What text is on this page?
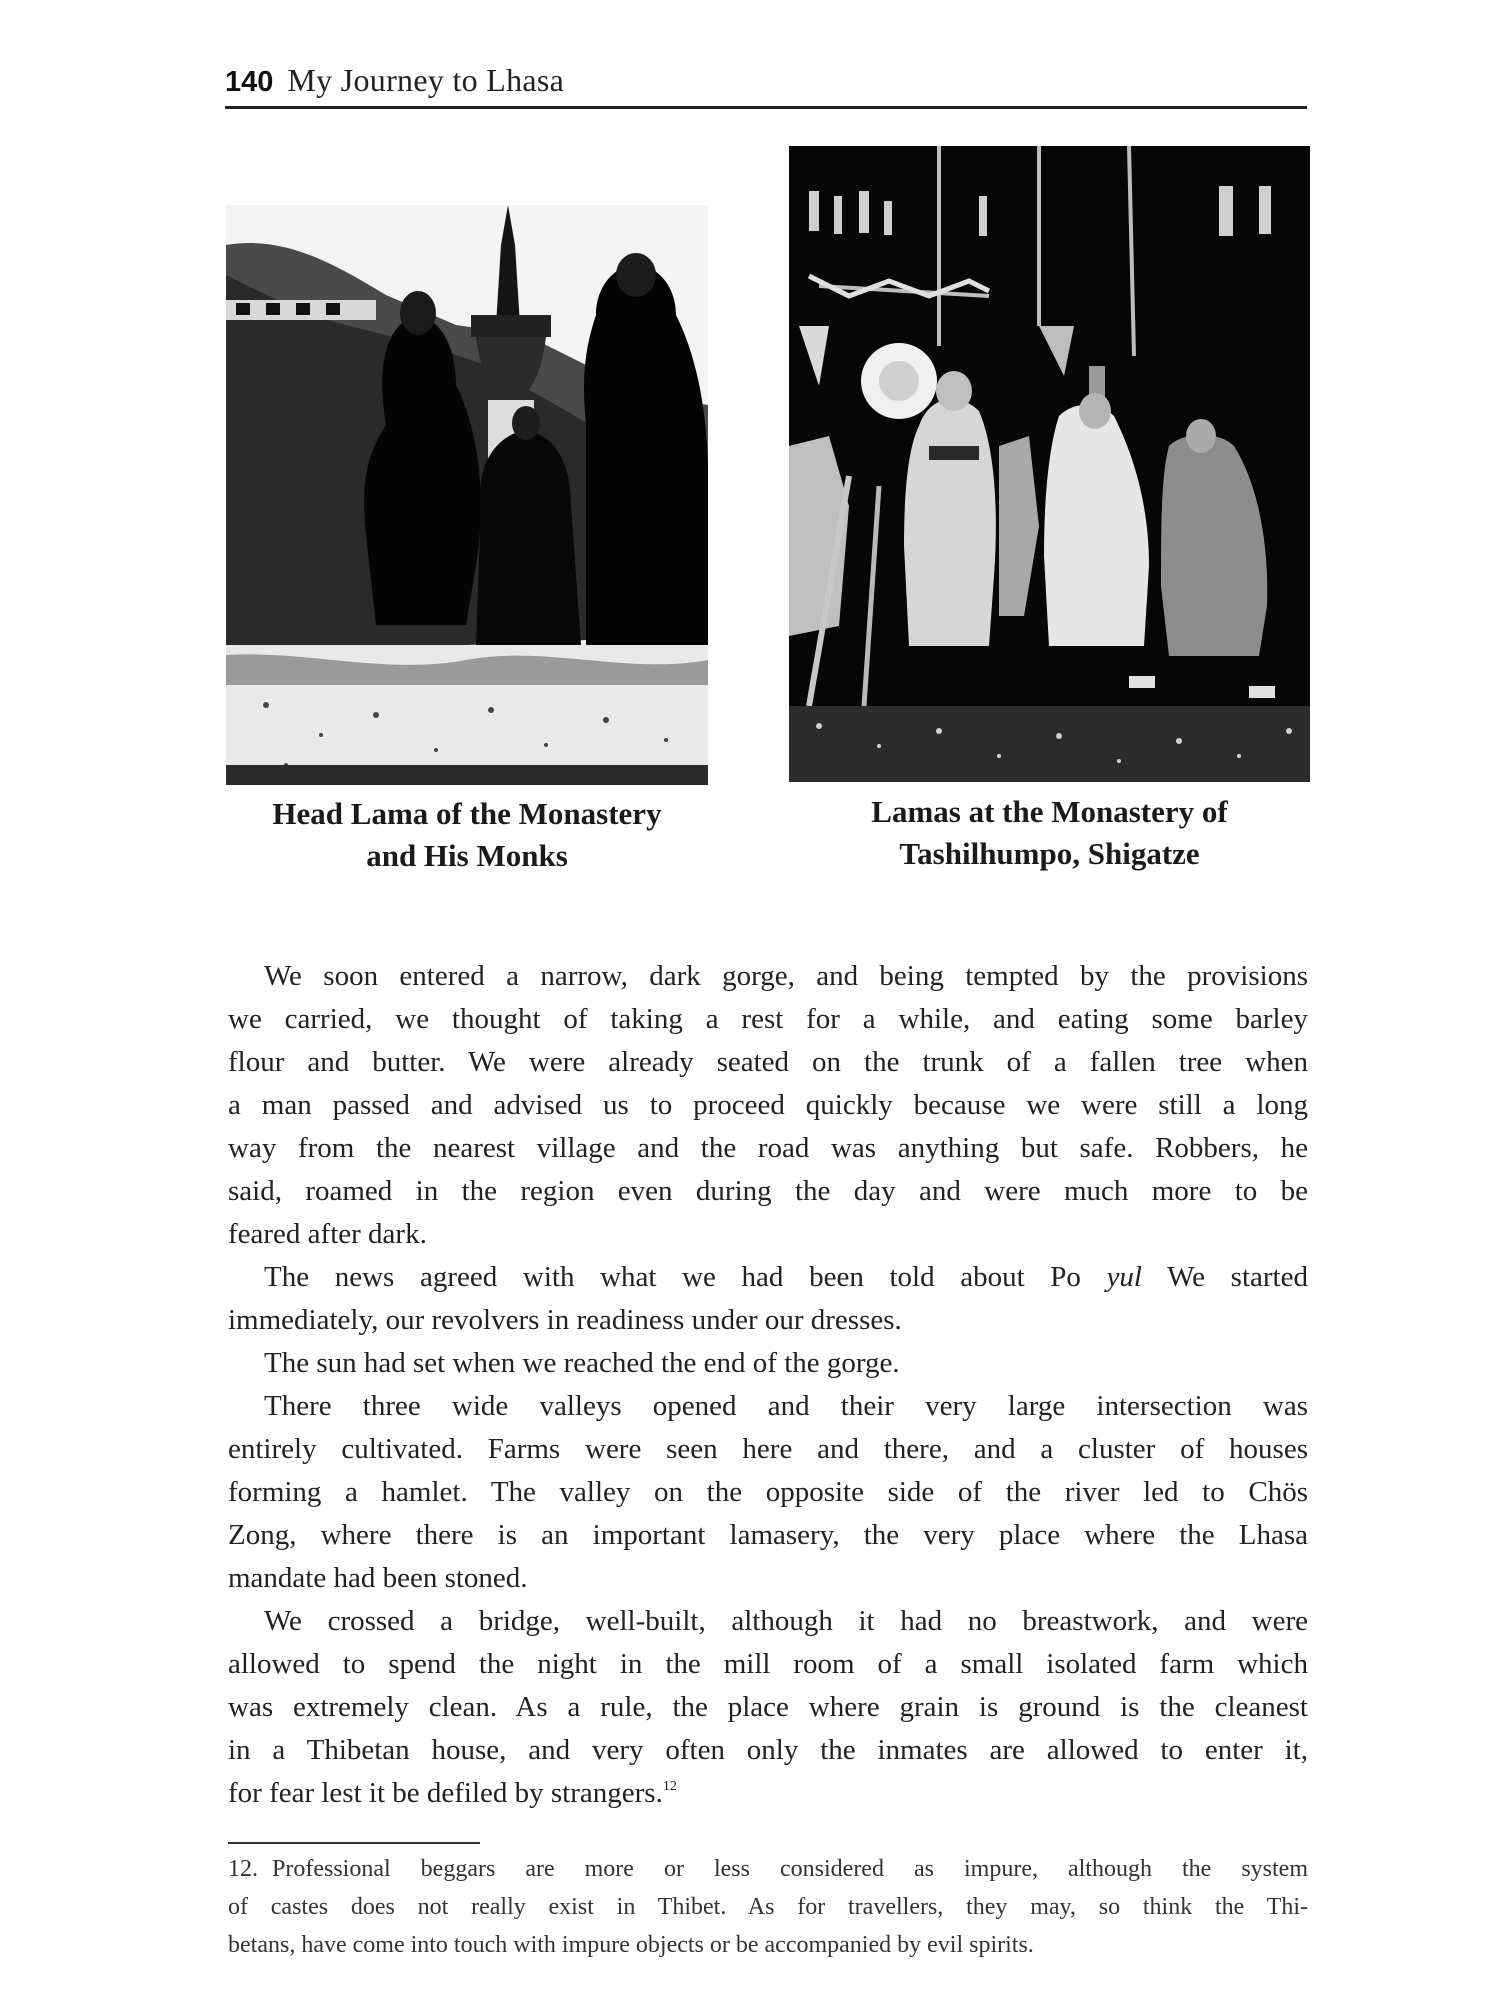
140 My Journey to Lhasa
Head Lama of the Monastery
and His Monks
Lamas at the Monastery of
Tashilhumpo, Shigatze
We soon entered a narrow, dark gorge, and being tempted by the provisions
we carried, we thought of taking a rest for a while, and eating some barley
flour and butter. We were already seated on the trunk of a fallen tree when
a man passed and advised us to proceed quickly because we were still a long
way from the nearest village and the road was anything but safe. Robbers, he
said, roamed in the region even during the day and were much more to be
feared after dark.
The news agreed with what we had been told about Po yul We started
immediately, our revolvers in readiness under our dresses.
The sun had set when we reached the end of the gorge.
There three wide valleys opened and their very large intersection was
entirely cultivated. Farms were seen here and there, and a cluster of houses
forming a hamlet. The valley on the opposite side of the river led to Chös
Zong, where there is an important lamasery, the very place where the Lhasa
mandate had been stoned.
We crossed a bridge, well-built, although it had no breastwork, and were
allowed to spend the night in the mill room of a small isolated farm which
was extremely clean. As a rule, the place where grain is ground is the cleanest
in a Thibetan house, and very often only the inmates are allowed to enter it,
for fear lest it be defiled by strangers.$^{12}$
12. Professional beggars are more or less considered as impure, although the system
of castes does not really exist in Thibet. As for travellers, they may, so think the Thi-
betans, have come into touch with impure objects or be accompanied by evil spirits.
